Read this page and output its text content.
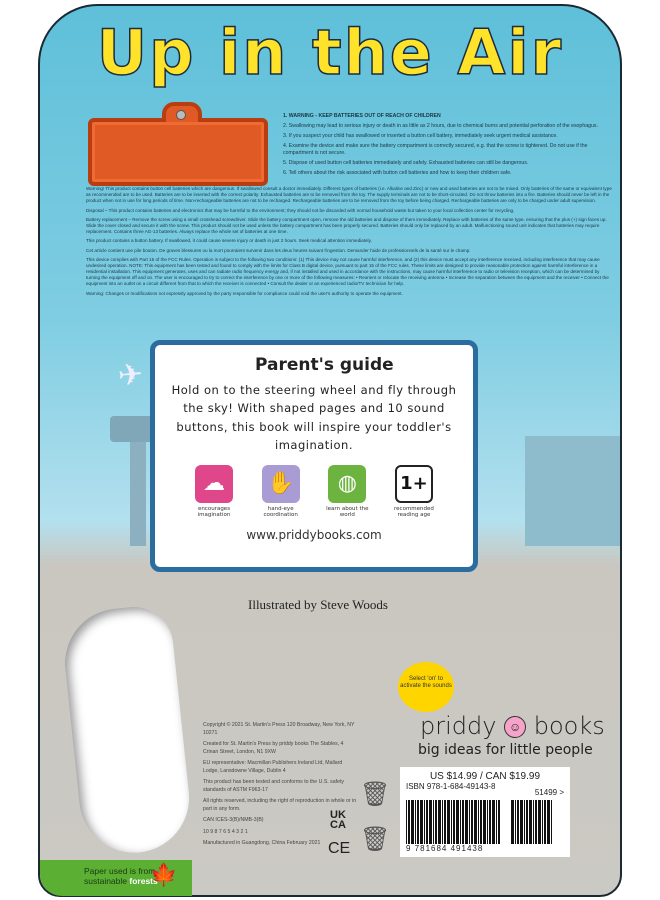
Up in the Air
✈

1. WARNING - KEEP BATTERIES OUT OF REACH OF CHILDREN

2. Swallowing may lead to serious injury or death in as little as 2 hours, due to chemical burns and potential perforation of the esophagus.

3. If you suspect your child has swallowed or inserted a button cell battery, immediately seek urgent medical assistance.

4. Examine the device and make sure the battery compartment is correctly secured, e.g. that the screw is tightened. Do not use if the compartment is not secure.

5. Dispose of used button cell batteries immediately and safely. Exhausted batteries can still be dangerous.

6. Tell others about the risk associated with button cell batteries and how to keep their children safe.

Warning! This product contains button cell batteries which are dangerous. If swallowed consult a doctor immediately. Different types of batteries (i.e. Alkaline and Zinc) or new and used batteries are not to be mixed. Only batteries of the same or equivalent type as recommended are to be used. Batteries are to be inserted with the correct polarity. Exhausted batteries are to be removed from the toy. The supply terminals are not to be short-circuited. Do not throw batteries into a fire. Batteries should never be left in the product when not in use for long periods of time. Non-rechargeable batteries are not to be recharged. Rechargeable batteries are to be removed from the toy before being charged. Rechargeable batteries are only to be charged under adult supervision.

Disposal – This product contains batteries and electronics that may be harmful to the environment; they should not be discarded with normal household waste but taken to your local collection center for recycling.

Battery replacement – Remove the screw using a small crosshead screwdriver. Slide the battery compartment open, remove the old batteries and dispose of them immediately. Replace with batteries of the same type, ensuring that the plus (+) sign faces up. Slide the cover closed and secure it with the screw. This product should not be used unless the battery compartment has been properly secured. Batteries should only be replaced by an adult. Malfunctioning sound unit indicates that batteries may require replacement. Contains three AG-13 batteries. Always replace the whole set of batteries at one time.

This product contains a button battery. If swallowed, it could cause severe injury or death in just 2 hours. Seek medical attention immediately.

Cet article contient une pile bouton. De graves blessures ou la mort pourraient survenir dans les deux heures suivant l'ingestion. Demander l'aide de professionnels de la santé sur le champ.

This device complies with Part 15 of the FCC Rules. Operation is subject to the following two conditions: (1) This device may not cause harmful interference, and (2) this device must accept any interference received, including interference that may cause undesired operation. NOTE: This equipment has been tested and found to comply with the limits for Class B digital device, pursuant to part 15 of the FCC rules. These limits are designed to provide reasonable protection against harmful interference in a residential installation. This equipment generates, uses and can radiate radio frequency energy and, if not installed and used in accordance with the instructions, may cause harmful interference to radio or television reception, which can be determined by turning the equipment off and on. The user is encouraged to try to correct the interference by one or more of the following measures: • Reorient or relocate the receiving antenna • Increase the separation between the equipment and the receiver • Connect the equipment into an outlet on a circuit different from that to which the receiver is connected • Consult the dealer or an experienced radio/TV technician for help.

Warning: Changes or modifications not expressly approved by the party responsible for compliance could void the user's authority to operate the equipment.

Parent's guide
Hold on to the steering wheel and fly through the sky! With shaped pages and 10 sound buttons, this book will inspire your toddler's imagination.
☁
encourages imagination
✋
hand-eye coordination
◍
learn about the world
1+
recommended reading age
www.priddybooks.com
Illustrated by Steve Woods
Select 'on' to activate the sounds
priddy ☺ books
big ideas for little people

Copyright © 2021 St. Martin's Press 120 Broadway, New York, NY 10271

Created for St. Martin's Press by priddy books The Stables, 4 Crinan Street, London, N1 9XW

EU representative: Macmillan Publishers Ireland Ltd, Mallard Lodge, Lansdowne Village, Dublin 4

This product has been tested and conforms to the U.S. safety standards of ASTM F963-17

All rights reserved, including the right of reproduction in whole or in part in any form.

CAN ICES-3(B)/NMB-3(B)

10 9 8 7 6 5 4 3 2 1

Manufactured in Guangdong, China February 2021

UK CA
CE
🗑
🗑
US $14.99 / CAN $19.99
ISBN 978-1-684-49143-8
51499 >
9 781684 491438
Paper used is from sustainable forests
🍁
